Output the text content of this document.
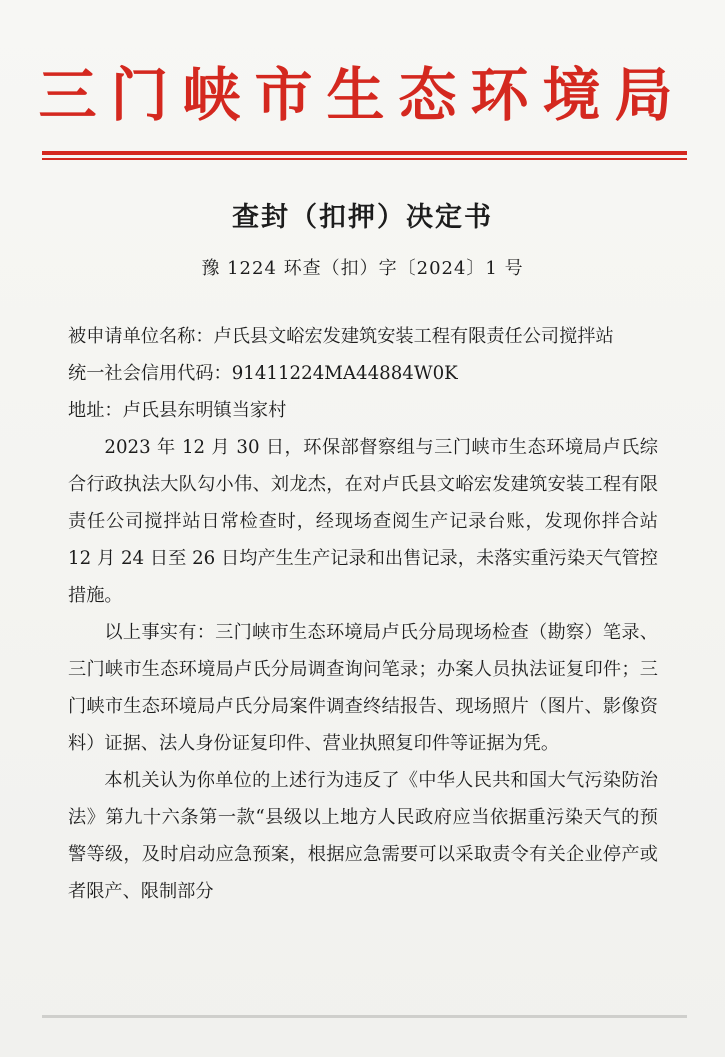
三门峡市生态环境局
查封（扣押）决定书
豫 1224 环查（扣）字〔2024〕1 号

被申请单位名称：卢氏县文峪宏发建筑安装工程有限责任公司搅拌站

统一社会信用代码：91411224MA44884W0K

地址：卢氏县东明镇当家村

2023 年 12 月 30 日，环保部督察组与三门峡市生态环境局卢氏综合行政执法大队勾小伟、刘龙杰，在对卢氏县文峪宏发建筑安装工程有限责任公司搅拌站日常检查时，经现场查阅生产记录台账，发现你拌合站 12 月 24 日至 26 日均产生生产记录和出售记录，未落实重污染天气管控措施。

以上事实有：三门峡市生态环境局卢氏分局现场检查（勘察）笔录、三门峡市生态环境局卢氏分局调查询问笔录；办案人员执法证复印件；三门峡市生态环境局卢氏分局案件调查终结报告、现场照片（图片、影像资料）证据、法人身份证复印件、营业执照复印件等证据为凭。

本机关认为你单位的上述行为违反了《中华人民共和国大气污染防治法》第九十六条第一款“县级以上地方人民政府应当依据重污染天气的预警等级，及时启动应急预案，根据应急需要可以采取责令有关企业停产或者限产、限制部分
